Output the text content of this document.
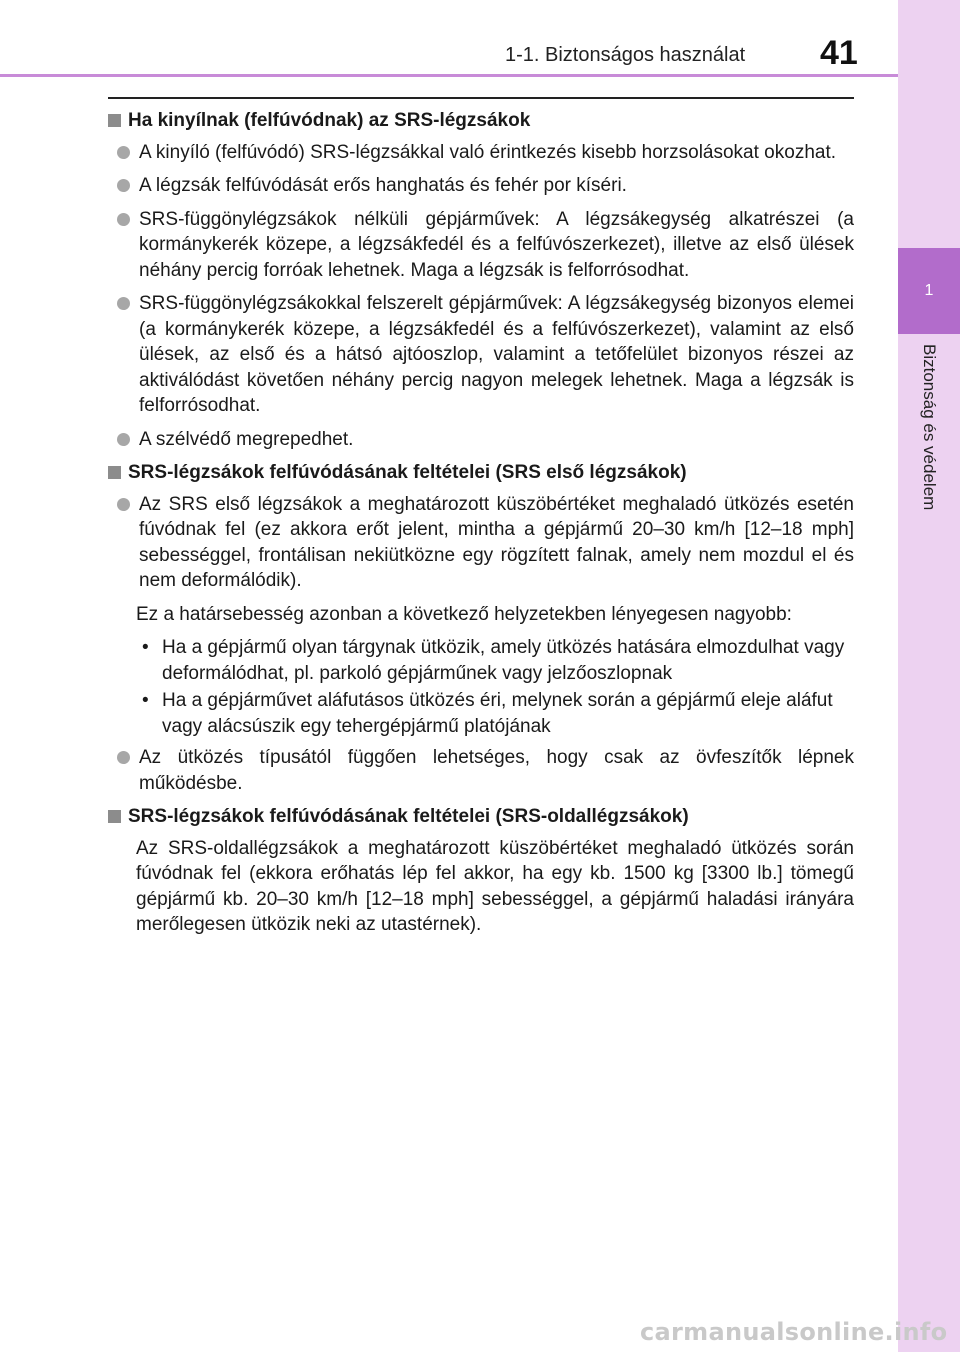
1-1. Biztonságos használat 41
1
Biztonság és védelem
Ha kinyílnak (felfúvódnak) az SRS-légzsákok
A kinyíló (felfúvódó) SRS-légzsákkal való érintkezés kisebb horzsolásokat okozhat.
A légzsák felfúvódását erős hanghatás és fehér por kíséri.
SRS-függönylégzsákok nélküli gépjárművek: A légzsákegység alkatrészei (a kormánykerék közepe, a légzsákfedél és a felfúvószerkezet), illetve az első ülések néhány percig forróak lehetnek. Maga a légzsák is felforrósodhat.
SRS-függönylégzsákokkal felszerelt gépjárművek: A légzsákegység bizonyos elemei (a kormánykerék közepe, a légzsákfedél és a felfúvószerkezet), valamint az első ülések, az első és a hátsó ajtóoszlop, valamint a tetőfelület bizonyos részei az aktiválódást követően néhány percig nagyon melegek lehetnek. Maga a légzsák is felforrósodhat.
A szélvédő megrepedhet.
SRS-légzsákok felfúvódásának feltételei (SRS első légzsákok)
Az SRS első légzsákok a meghatározott küszöbértéket meghaladó ütközés esetén fúvódnak fel (ez akkora erőt jelent, mintha a gépjármű 20–30 km/h [12–18 mph] sebességgel, frontálisan nekiütközne egy rögzített falnak, amely nem mozdul el és nem deformálódik).
Ez a határsebesség azonban a következő helyzetekben lényegesen nagyobb:
• Ha a gépjármű olyan tárgynak ütközik, amely ütközés hatására elmozdulhat vagy deformálódhat, pl. parkoló gépjárműnek vagy jelzőoszlopnak
• Ha a gépjárművet aláfutásos ütközés éri, melynek során a gépjármű eleje aláfut vagy alácsúszik egy tehergépjármű platójának
Az ütközés típusától függően lehetséges, hogy csak az övfeszítők lépnek működésbe.
SRS-légzsákok felfúvódásának feltételei (SRS-oldallégzsákok)
Az SRS-oldallégzsákok a meghatározott küszöbértéket meghaladó ütközés során fúvódnak fel (ekkora erőhatás lép fel akkor, ha egy kb. 1500 kg [3300 lb.] tömegű gépjármű kb. 20–30 km/h [12–18 mph] sebességgel, a gépjármű haladási irányára merőlegesen ütközik neki az utastérnek).
carmanualsonline.info
